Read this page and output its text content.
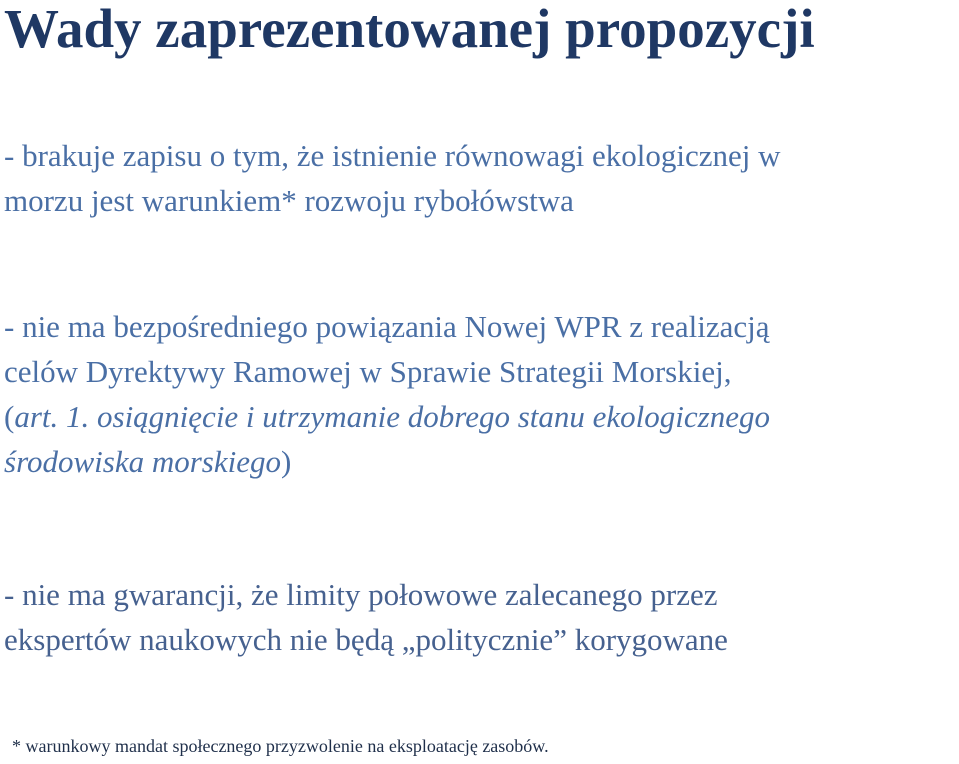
Wady zaprezentowanej propozycji
- brakuje zapisu o tym, że istnienie równowagi ekologicznej w
morzu jest warunkiem* rozwoju rybołówstwa
- nie ma bezpośredniego powiązania Nowej WPR z realizacją
celów Dyrektywy Ramowej w Sprawie Strategii Morskiej,
(art. 1. osiągnięcie i utrzymanie dobrego stanu ekologicznego
środowiska morskiego)
- nie ma gwarancji, że limity połowowe zalecanego przez
ekspertów naukowych nie będą „politycznie” korygowane

* warunkowy mandat społecznego przyzwolenie na eksploatację zasobów.
